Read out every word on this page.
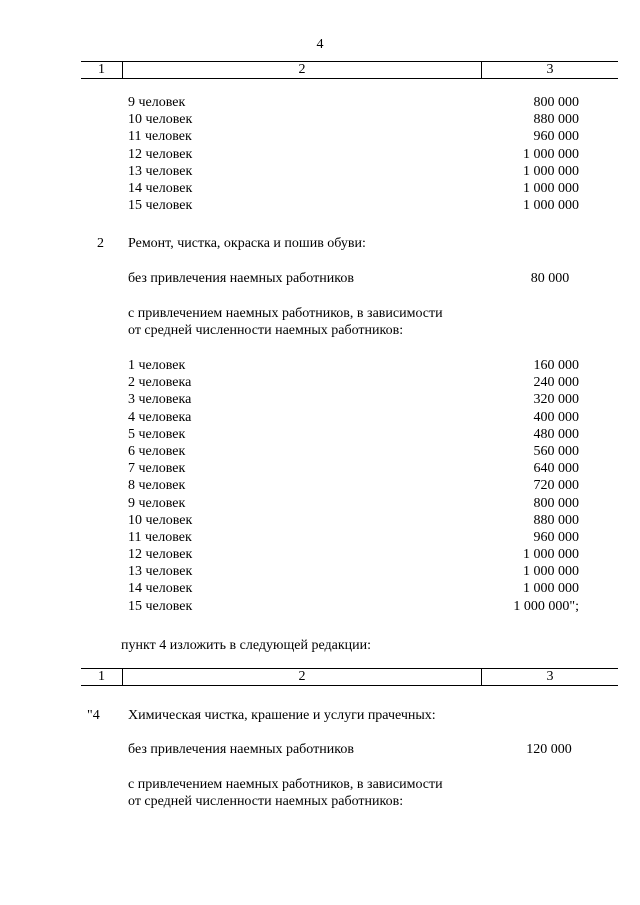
4
1	2	3
9 человек	800 000
10 человек	880 000
11 человек	960 000
12 человек	1 000 000
13 человек	1 000 000
14 человек	1 000 000
15 человек	1 000 000
2 Ремонт, чистка, окраска и пошив обуви:
без привлечения наемных работников	80 000
с привлечением наемных работников, в зависимости
от средней численности наемных работников:
1 человек	160 000
2 человека	240 000
3 человека	320 000
4 человека	400 000
5 человек	480 000
6 человек	560 000
7 человек	640 000
8 человек	720 000
9 человек	800 000
10 человек	880 000
11 человек	960 000
12 человек	1 000 000
13 человек	1 000 000
14 человек	1 000 000
15 человек	1 000 000";
пункт 4 изложить в следующей редакции:
1	2	3
"4 Химическая чистка, крашение и услуги прачечных:
без привлечения наемных работников	120 000
с привлечением наемных работников, в зависимости
от средней численности наемных работников:
